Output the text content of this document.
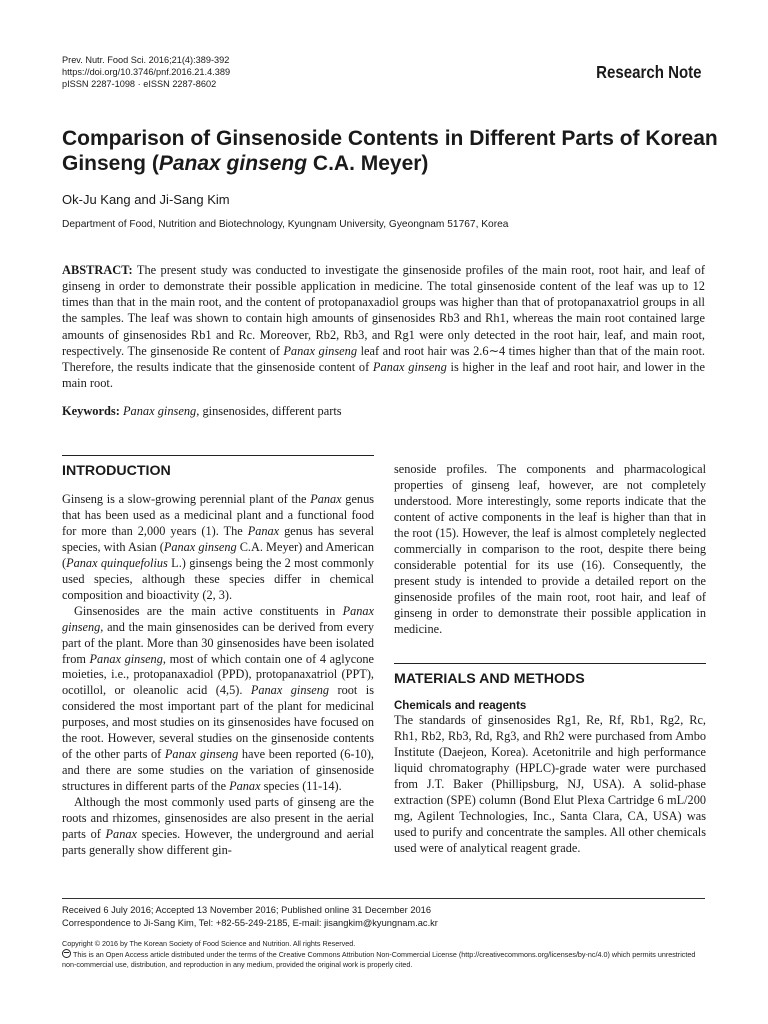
Prev. Nutr. Food Sci. 2016;21(4):389-392
https://doi.org/10.3746/pnf.2016.21.4.389
pISSN 2287-1098 · eISSN 2287-8602
Research Note
Comparison of Ginsenoside Contents in Different Parts of Korean Ginseng (Panax ginseng C.A. Meyer)
Ok-Ju Kang and Ji-Sang Kim
Department of Food, Nutrition and Biotechnology, Kyungnam University, Gyeongnam 51767, Korea

ABSTRACT: The present study was conducted to investigate the ginsenoside profiles of the main root, root hair, and leaf of ginseng in order to demonstrate their possible application in medicine. The total ginsenoside content of the leaf was up to 12 times than that in the main root, and the content of protopanaxadiol groups was higher than that of protopanaxatriol groups in all the samples. The leaf was shown to contain high amounts of ginsenosides Rb3 and Rh1, whereas the main root contained large amounts of ginsenosides Rb1 and Rc. Moreover, Rb2, Rb3, and Rg1 were only detected in the root hair, leaf, and main root, respectively. The ginsenoside Re content of Panax ginseng leaf and root hair was 2.6∼4 times higher than that of the main root. Therefore, the results indicate that the ginsenoside content of Panax ginseng is higher in the leaf and root hair, and lower in the main root.

Keywords: Panax ginseng, ginsenosides, different parts
INTRODUCTION

Ginseng is a slow-growing perennial plant of the Panax genus that has been used as a medicinal plant and a functional food for more than 2,000 years (1). The Panax genus has several species, with Asian (Panax ginseng C.A. Meyer) and American (Panax quinquefolius L.) ginsengs being the 2 most commonly used species, although these species differ in chemical composition and bioactivity (2, 3).

Ginsenosides are the main active constituents in Panax ginseng, and the main ginsenosides can be derived from every part of the plant. More than 30 ginsenosides have been isolated from Panax ginseng, most of which contain one of 4 aglycone moieties, i.e., protopanaxadiol (PPD), protopanaxatriol (PPT), ocotillol, or oleanolic acid (4,5). Panax ginseng root is considered the most important part of the plant for medicinal purposes, and most studies on its ginsenosides have focused on the root. However, several studies on the ginsenoside contents of the other parts of Panax ginseng have been reported (6-10), and there are some studies on the variation of ginsenoside structures in different parts of the Panax species (11-14).

Although the most commonly used parts of ginseng are the roots and rhizomes, ginsenosides are also present in the aerial parts of Panax species. However, the underground and aerial parts generally show different gin-

senoside profiles. The components and pharmacological properties of ginseng leaf, however, are not completely understood. More interestingly, some reports indicate that the content of active components in the leaf is higher than that in the root (15). However, the leaf is almost completely neglected commercially in comparison to the root, despite there being considerable potential for its use (16). Consequently, the present study is intended to provide a detailed report on the ginsenoside profiles of the main root, root hair, and leaf of ginseng in order to demonstrate their possible application in medicine.

MATERIALS AND METHODS
Chemicals and reagents

The standards of ginsenosides Rg1, Re, Rf, Rb1, Rg2, Rc, Rh1, Rb2, Rb3, Rd, Rg3, and Rh2 were purchased from Ambo Institute (Daejeon, Korea). Acetonitrile and high performance liquid chromatography (HPLC)-grade water were purchased from J.T. Baker (Phillipsburg, NJ, USA). A solid-phase extraction (SPE) column (Bond Elut Plexa Cartridge 6 mL/200 mg, Agilent Technologies, Inc., Santa Clara, CA, USA) was used to purify and concentrate the samples. All other chemicals used were of analytical reagent grade.

Received 6 July 2016; Accepted 13 November 2016; Published online 31 December 2016
Correspondence to Ji-Sang Kim, Tel: +82-55-249-2185, E-mail: jisangkim@kyungnam.ac.kr
Copyright © 2016 by The Korean Society of Food Science and Nutrition. All rights Reserved.
This is an Open Access article distributed under the terms of the Creative Commons Attribution Non-Commercial License (http://creativecommons.org/licenses/by-nc/4.0) which permits unrestricted non-commercial use, distribution, and reproduction in any medium, provided the original work is properly cited.
